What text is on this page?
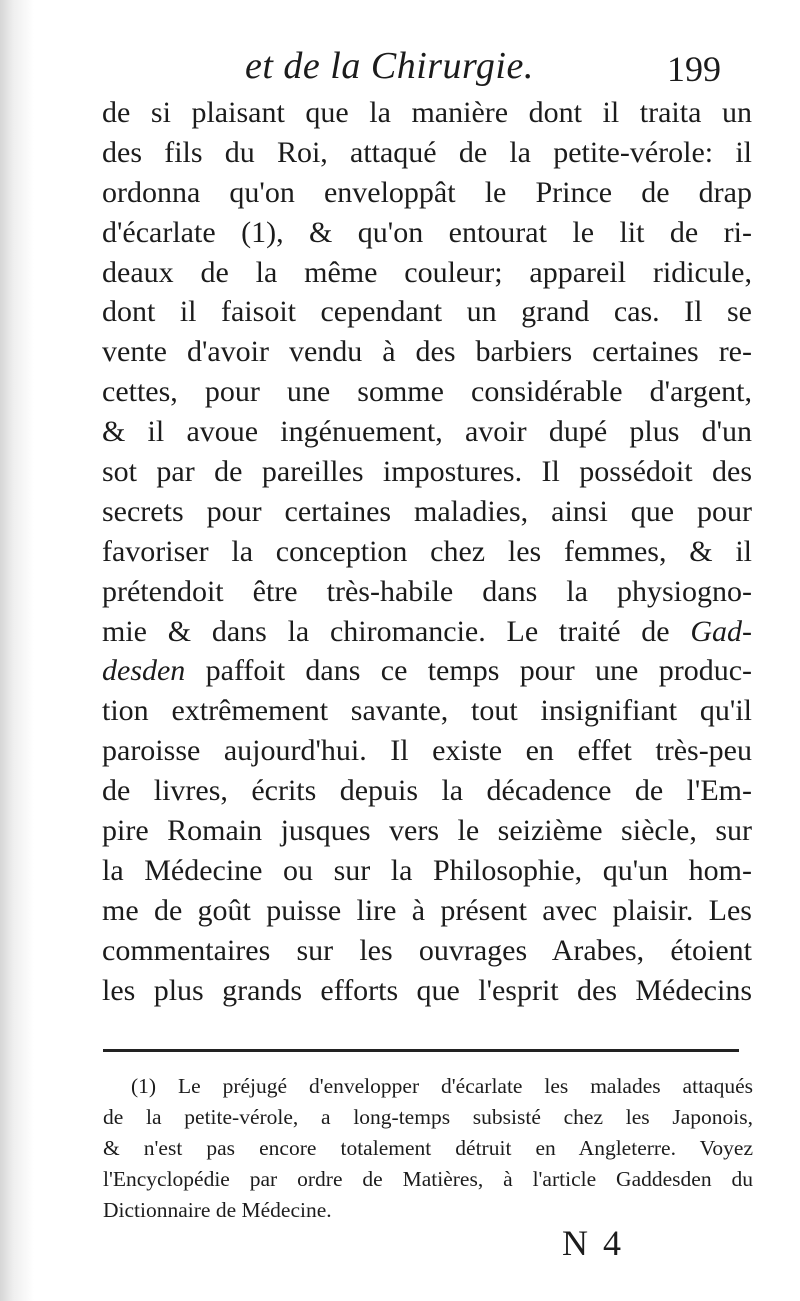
et de la Chirurgie.	199
de si plaisant que la manière dont il traita un
des fils du Roi, attaqué de la petite-vérole: il
ordonna qu'on enveloppât le Prince de drap
d'écarlate (1), & qu'on entourat le lit de ri-
deaux de la même couleur; appareil ridicule,
dont il faisoit cependant un grand cas. Il se
vente d'avoir vendu à des barbiers certaines re-
cettes, pour une somme considérable d'argent,
& il avoue ingénuement, avoir dupé plus d'un
sot par de pareilles impostures. Il possédoit des
secrets pour certaines maladies, ainsi que pour
favoriser la conception chez les femmes, & il
prétendoit être très-habile dans la physiogno-
mie & dans la chiromancie. Le traité de Gad-
desden paffoit dans ce temps pour une produc-
tion extrêmement savante, tout insignifiant qu'il
paroisse aujourd'hui. Il existe en effet très-peu
de livres, écrits depuis la décadence de l'Em-
pire Romain jusques vers le seizième siècle, sur
la Médecine ou sur la Philosophie, qu'un hom-
me de goût puisse lire à présent avec plaisir. Les
commentaires sur les ouvrages Arabes, étoient
les plus grands efforts que l'esprit des Médecins
(1) Le préjugé d'envelopper d'écarlate les malades attaqués
de la petite-vérole, a long-temps subsisté chez les Japonois,
& n'est pas encore totalement détruit en Angleterre. Voyez
l'Encyclopédie par ordre de Matières, à l'article Gaddesden du
Dictionnaire de Médecine.
N 4
